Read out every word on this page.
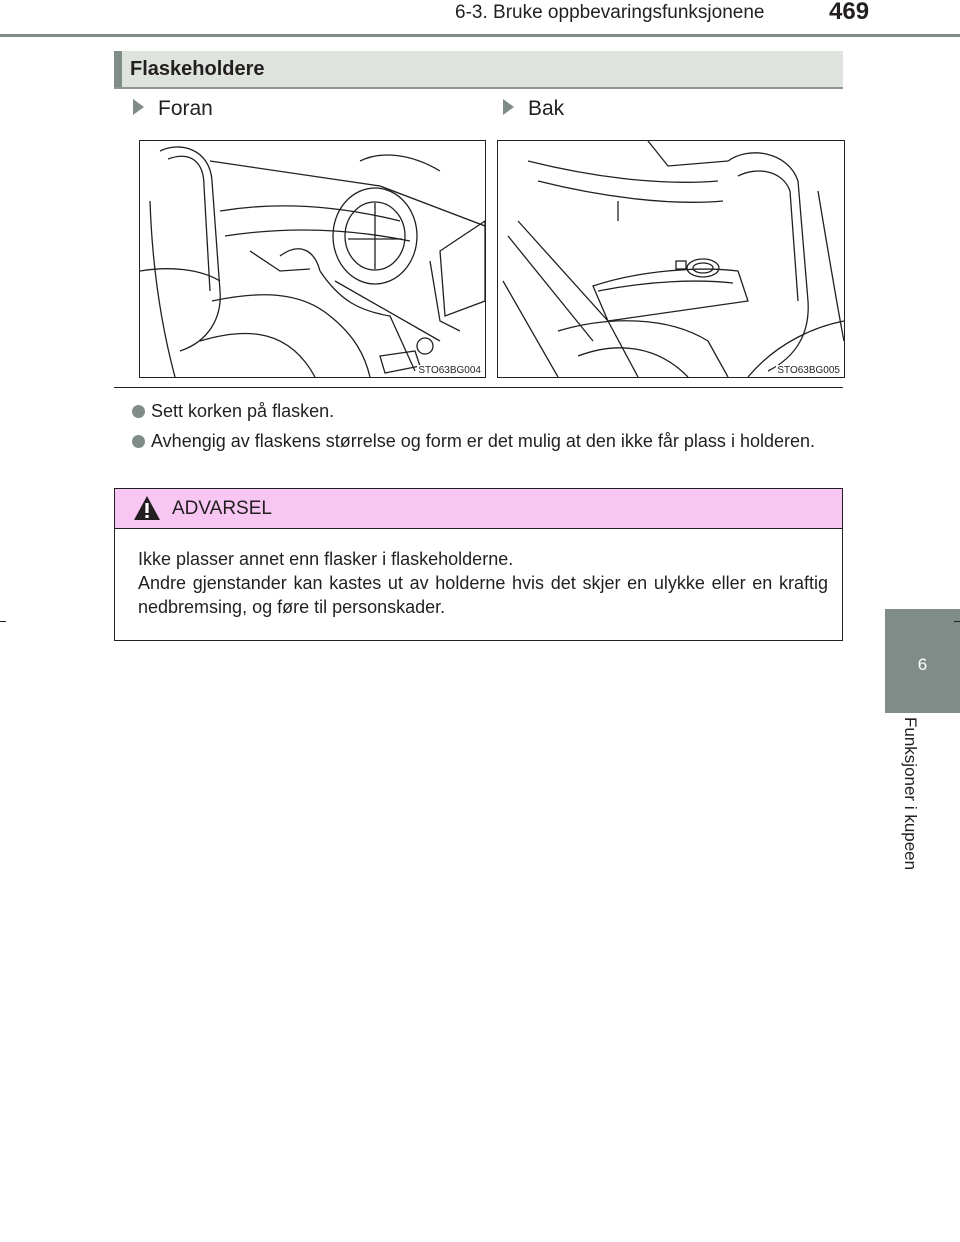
6-3. Bruke oppbevaringsfunksjonene	469
Flaskeholdere
Foran	Bak
STO63BG004	STO63BG005
Sett korken på flasken.
Avhengig av flaskens størrelse og form er det mulig at den ikke får plass i holderen.
ADVARSEL
Ikke plasser annet enn flasker i flaskeholderne.
Andre gjenstander kan kastes ut av holderne hvis det skjer en ulykke eller en kraftig nedbremsing, og føre til personskader.
6
Funksjoner i kupeen
